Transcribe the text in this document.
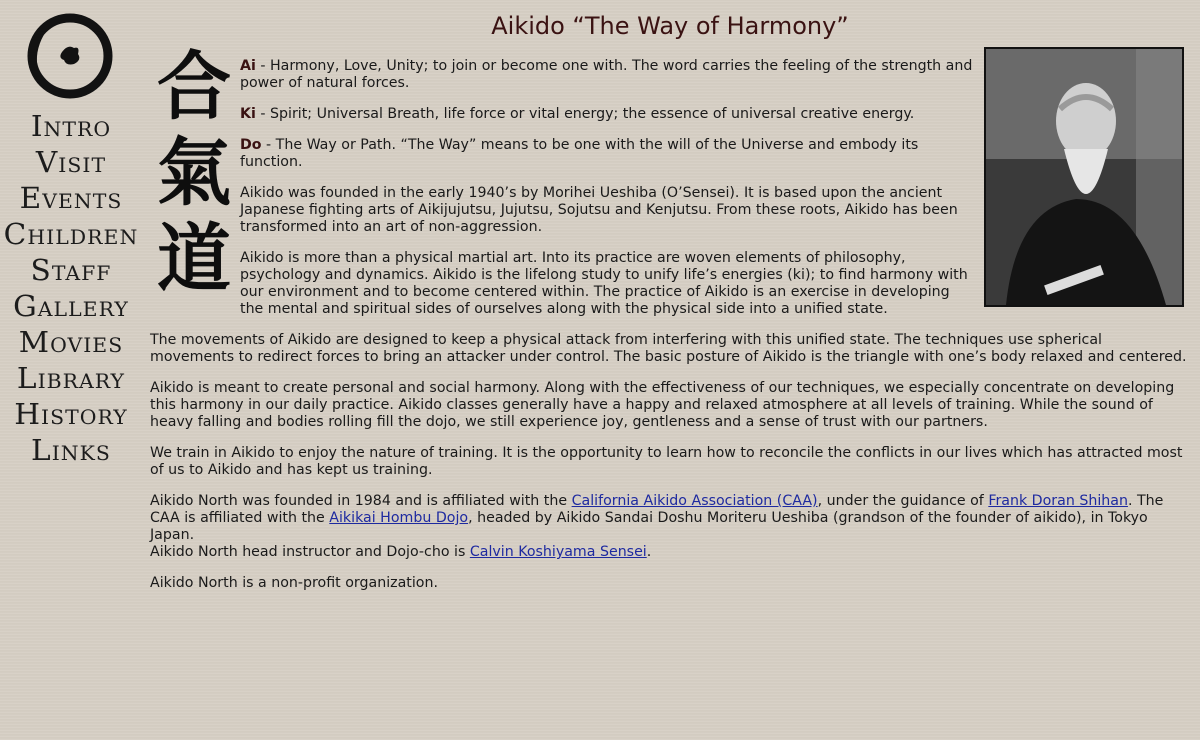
Intro
Visit
Events
Children
Staff
Gallery
Movies
Library
History
Links
Aikido “The Way of Harmony”
合
氣
道

Ai - Harmony, Love, Unity; to join or become one with. The word carries the feeling of the strength and power of natural forces.

Ki - Spirit; Universal Breath, life force or vital energy; the essence of universal creative energy.

Do - The Way or Path. “The Way” means to be one with the will of the Universe and embody its function.

Aikido was founded in the early 1940’s by Morihei Ueshiba (O’Sensei). It is based upon the ancient Japanese fighting arts of Aikijujutsu, Jujutsu, Sojutsu and Kenjutsu. From these roots, Aikido has been transformed into an art of non-aggression.

Aikido is more than a physical martial art. Into its practice are woven elements of philosophy, psychology and dynamics. Aikido is the lifelong study to unify life’s energies (ki); to find harmony with our environment and to become centered within. The practice of Aikido is an exercise in developing the mental and spiritual sides of ourselves along with the physical side into a unified state.

The movements of Aikido are designed to keep a physical attack from interfering with this unified state. The techniques use spherical movements to redirect forces to bring an attacker under control. The basic posture of Aikido is the triangle with one’s body relaxed and centered.

Aikido is meant to create personal and social harmony. Along with the effectiveness of our techniques, we especially concentrate on developing this harmony in our daily practice. Aikido classes generally have a happy and relaxed atmosphere at all levels of training. While the sound of heavy falling and bodies rolling fill the dojo, we still experience joy, gentleness and a sense of trust with our partners.

We train in Aikido to enjoy the nature of training. It is the opportunity to learn how to reconcile the conflicts in our lives which has attracted most of us to Aikido and has kept us training.

Aikido North was founded in 1984 and is affiliated with the California Aikido Association (CAA), under the guidance of Frank Doran Shihan. The CAA is affiliated with the Aikikai Hombu Dojo, headed by Aikido Sandai Doshu Moriteru Ueshiba (grandson of the founder of aikido), in Tokyo Japan.
Aikido North head instructor and Dojo-cho is Calvin Koshiyama Sensei.

Aikido North is a non-profit organization.
